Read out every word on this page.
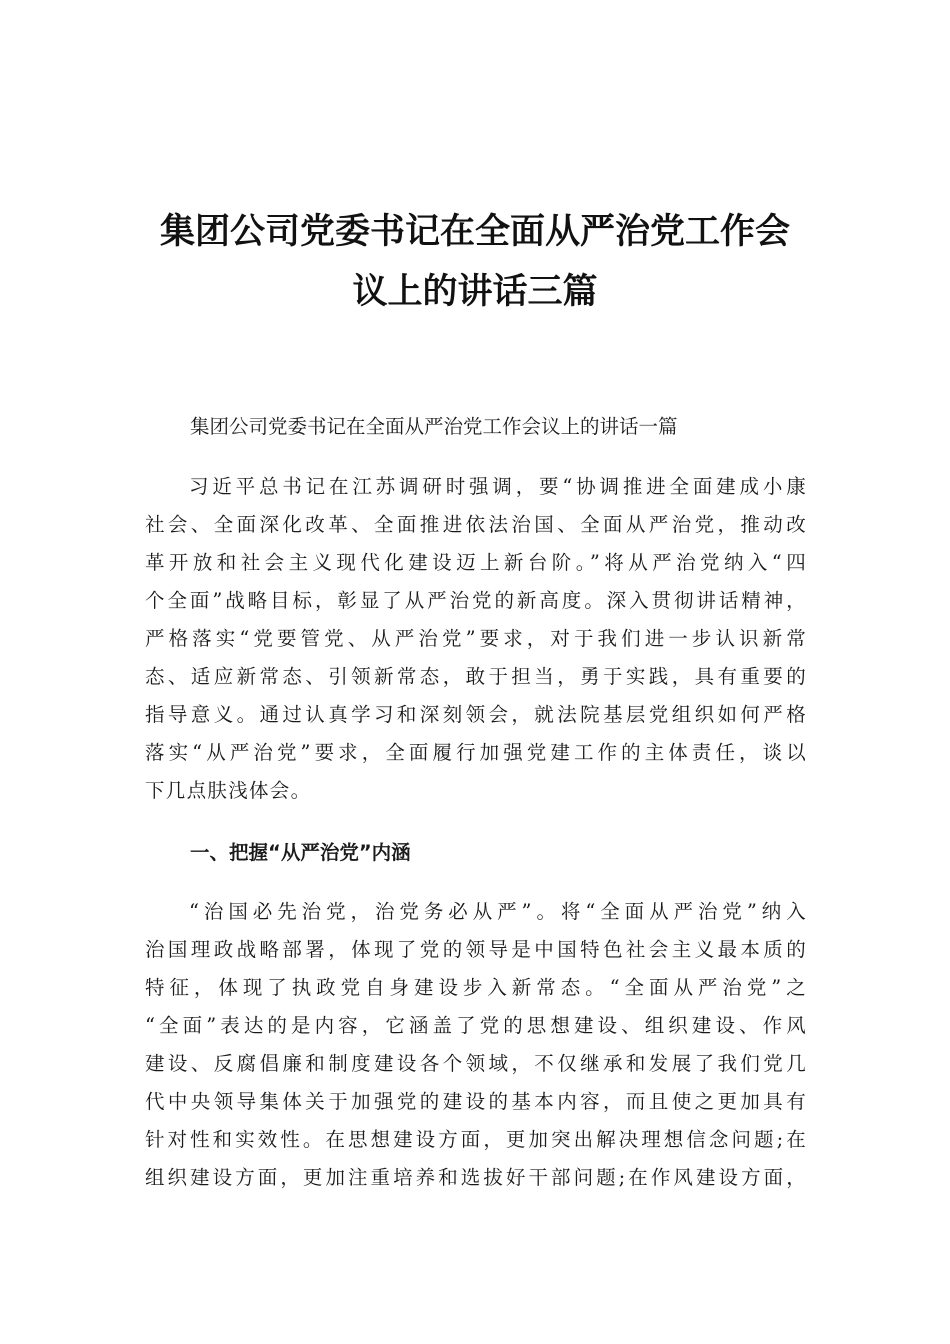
集团公司党委书记在全面从严治党工作会
议上的讲话三篇

集团公司党委书记在全面从严治党工作会议上的讲话一篇

习近平总书记在江苏调研时强调，要“协调推进全面建成小康
社会、全面深化改革、全面推进依法治国、全面从严治党，推动改
革开放和社会主义现代化建设迈上新台阶。”将从严治党纳入“四
个全面”战略目标，彰显了从严治党的新高度。深入贯彻讲话精神，
严格落实“党要管党、从严治党”要求，对于我们进一步认识新常
态、适应新常态、引领新常态，敢于担当，勇于实践，具有重要的
指导意义。通过认真学习和深刻领会，就法院基层党组织如何严格
落实“从严治党”要求，全面履行加强党建工作的主体责任，谈以
下几点肤浅体会。
一、把握“从严治党”内涵
“治国必先治党，治党务必从严”。将“全面从严治党”纳入
治国理政战略部署，体现了党的领导是中国特色社会主义最本质的
特征，体现了执政党自身建设步入新常态。“全面从严治党”之
“全面”表达的是内容，它涵盖了党的思想建设、组织建设、作风
建设、反腐倡廉和制度建设各个领域，不仅继承和发展了我们党几
代中央领导集体关于加强党的建设的基本内容，而且使之更加具有
针对性和实效性。在思想建设方面，更加突出解决理想信念问题;在
组织建设方面，更加注重培养和选拔好干部问题;在作风建设方面，
